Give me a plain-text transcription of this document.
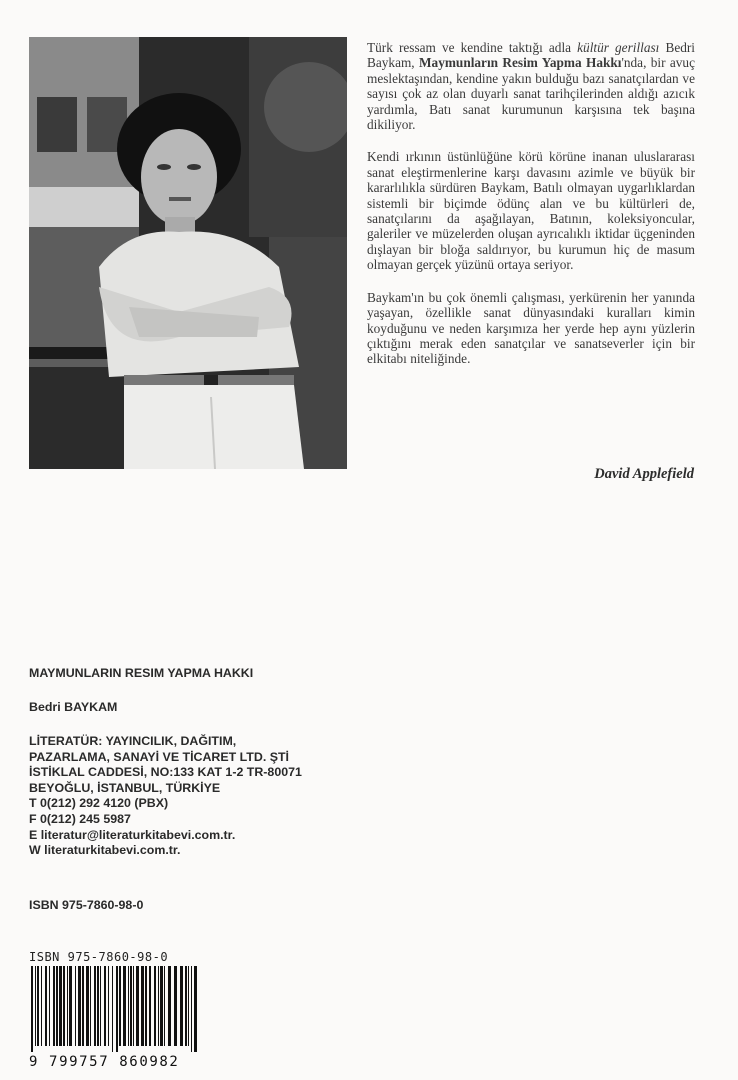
Türk ressam ve kendine taktığı adla kültür gerillası Bedri Baykam, Maymunların Resim Yapma Hakkı'nda, bir avuç meslektaşından, kendine yakın bulduğu bazı sanatçılardan ve sayısı çok az olan duyarlı sanat tarihçilerinden aldığı azıcık yardımla, Batı sanat kurumunun karşısına tek başına dikiliyor.

Kendi ırkının üstünlüğüne körü körüne inanan uluslararası sanat eleştirmenlerine karşı davasını azimle ve büyük bir kararlılıkla sürdüren Baykam, Batılı olmayan uygarlıklardan sistemli bir biçimde ödünç alan ve bu kültürleri de, sanatçılarını da aşağılayan, Batının, koleksiyoncular, galeriler ve müzelerden oluşan ayrıcalıklı iktidar üçgeninden dışlayan bir bloğa saldırıyor, bu kurumun hiç de masum olmayan gerçek yüzünü ortaya seriyor.

Baykam'ın bu çok önemli çalışması, yerkürenin her yanında yaşayan, özellikle sanat dünyasındaki kuralları kimin koyduğunu ve neden karşımıza her yerde hep aynı yüzlerin çıktığını merak eden sanatçılar ve sanatseverler için bir elkitabı niteliğinde.

David Applefield
MAYMUNLARIN RESIM YAPMA HAKKI
Bedri BAYKAM
LİTERATÜR: YAYINCILIK, DAĞITIM,
PAZARLAMA, SANAYİ VE TİCARET LTD. ŞTİ
İSTİKLAL CADDESİ, NO:133 KAT 1-2 TR-80071
BEYOĞLU, İSTANBUL, TÜRKİYE
T 0(212) 292 4120 (PBX)
F 0(212) 245 5987
E literatur@literaturkitabevi.com.tr.
W literaturkitabevi.com.tr.
ISBN 975-7860-98-0
ISBN 975-7860-98-0
9 799757 860982
